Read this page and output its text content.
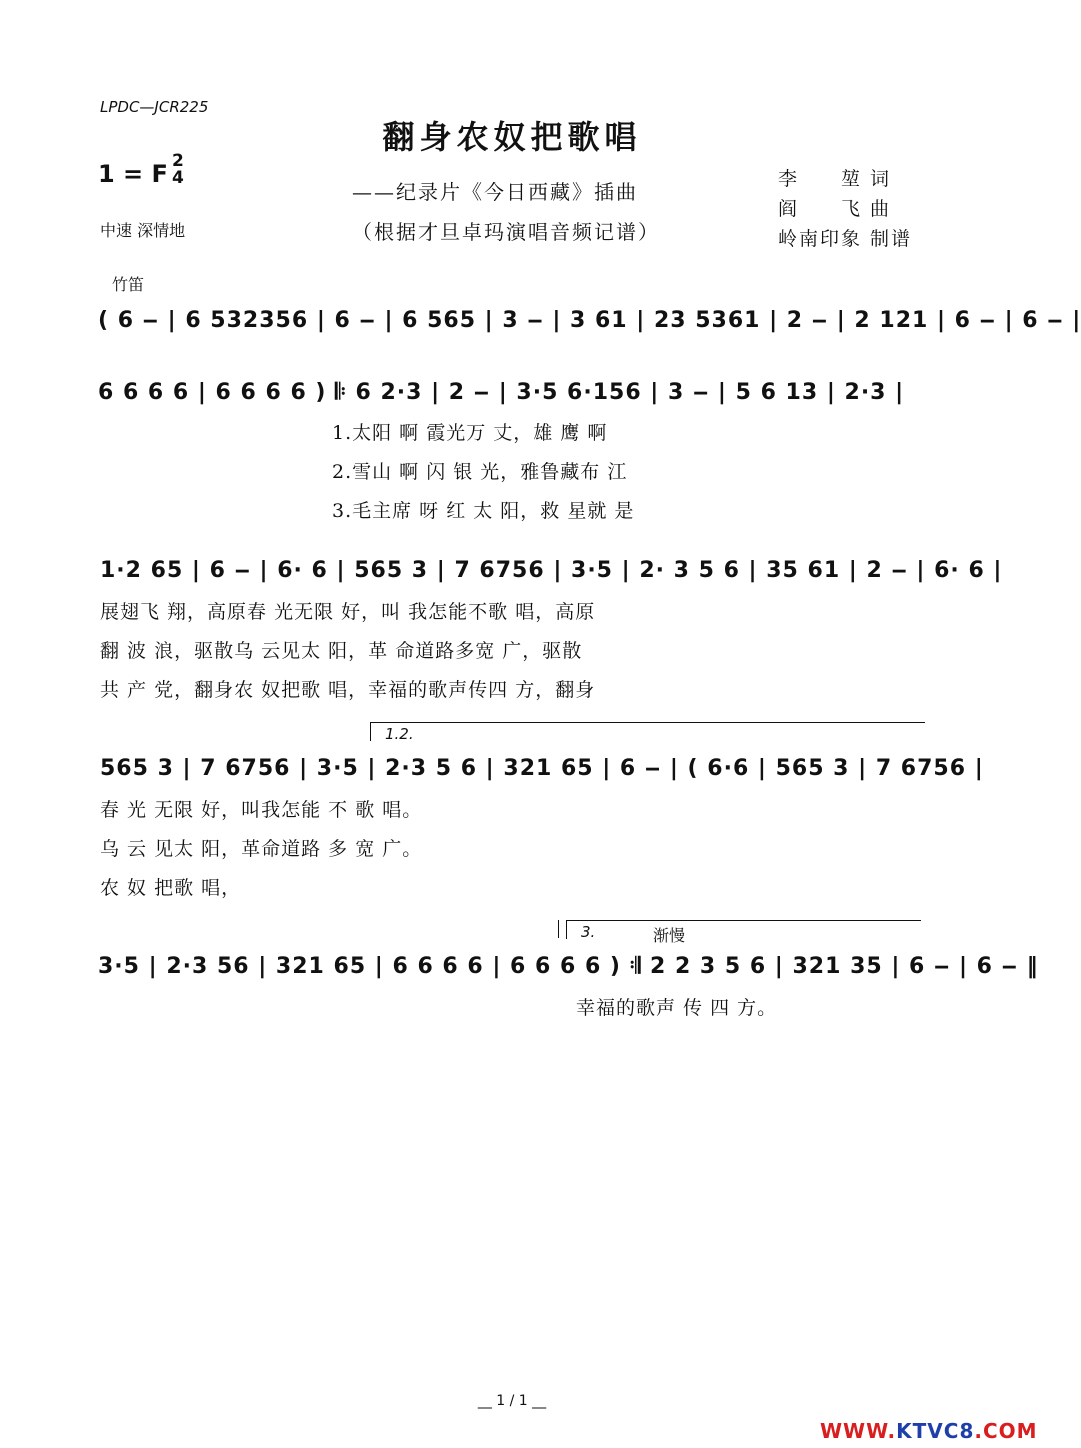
LPDC—JCR225
翻身农奴把歌唱
1 = F 2
4
——纪录片《今日西藏》插曲
（根据才旦卓玛演唱音频记谱）
中速 深情地
李　　堃 词
阎　　飞 曲
岭南印象 制谱
竹笛
( 6 ‒ | 6 532356 | 6 ‒ | 6 565 | 3 ‒ | 3 61 | 23 5361 | 2 ‒ | 2 121 | 6 ‒ | 6 ‒ |
6 6 6 6 | 6 6 6 6 ) 𝄆 6 2·3 | 2 ‒ | 3·5 6·156 | 3 ‒ | 5 6 13 | 2·3 |
1.太阳 啊 霞光万 丈，雄 鹰 啊
2.雪山 啊 闪 银 光，雅鲁藏布 江
3.毛主席 呀 红 太 阳，救 星就 是
1·2 65 | 6 ‒ | 6· 6 | 565 3 | 7 6756 | 3·5 | 2· 3 5 6 | 35 61 | 2 ‒ | 6· 6 |
展翅飞 翔，高原春 光无限 好，叫 我怎能不歌 唱，高原
翻 波 浪，驱散乌 云见太 阳，革 命道路多宽 广，驱散
共 产 党，翻身农 奴把歌 唱，幸福的歌声传四 方，翻身
1.2.
565 3 | 7 6756 | 3·5 | 2·3 5 6 | 321 65 | 6 ‒ | ( 6·6 | 565 3 | 7 6756 |
春 光 无限 好，叫我怎能 不 歌 唱。
乌 云 见太 阳，革命道路 多 宽 广。
农 奴 把歌 唱，
3.	渐慢
3·5 | 2·3 56 | 321 65 | 6 6 6 6 | 6 6 6 6 ) 𝄇 2 2 3 5 6 | 321 35 | 6 ‒ | 6 ‒ ‖
幸福的歌声 传 四 方。
__ 1 / 1 __
WWW.KTVC8.COM
